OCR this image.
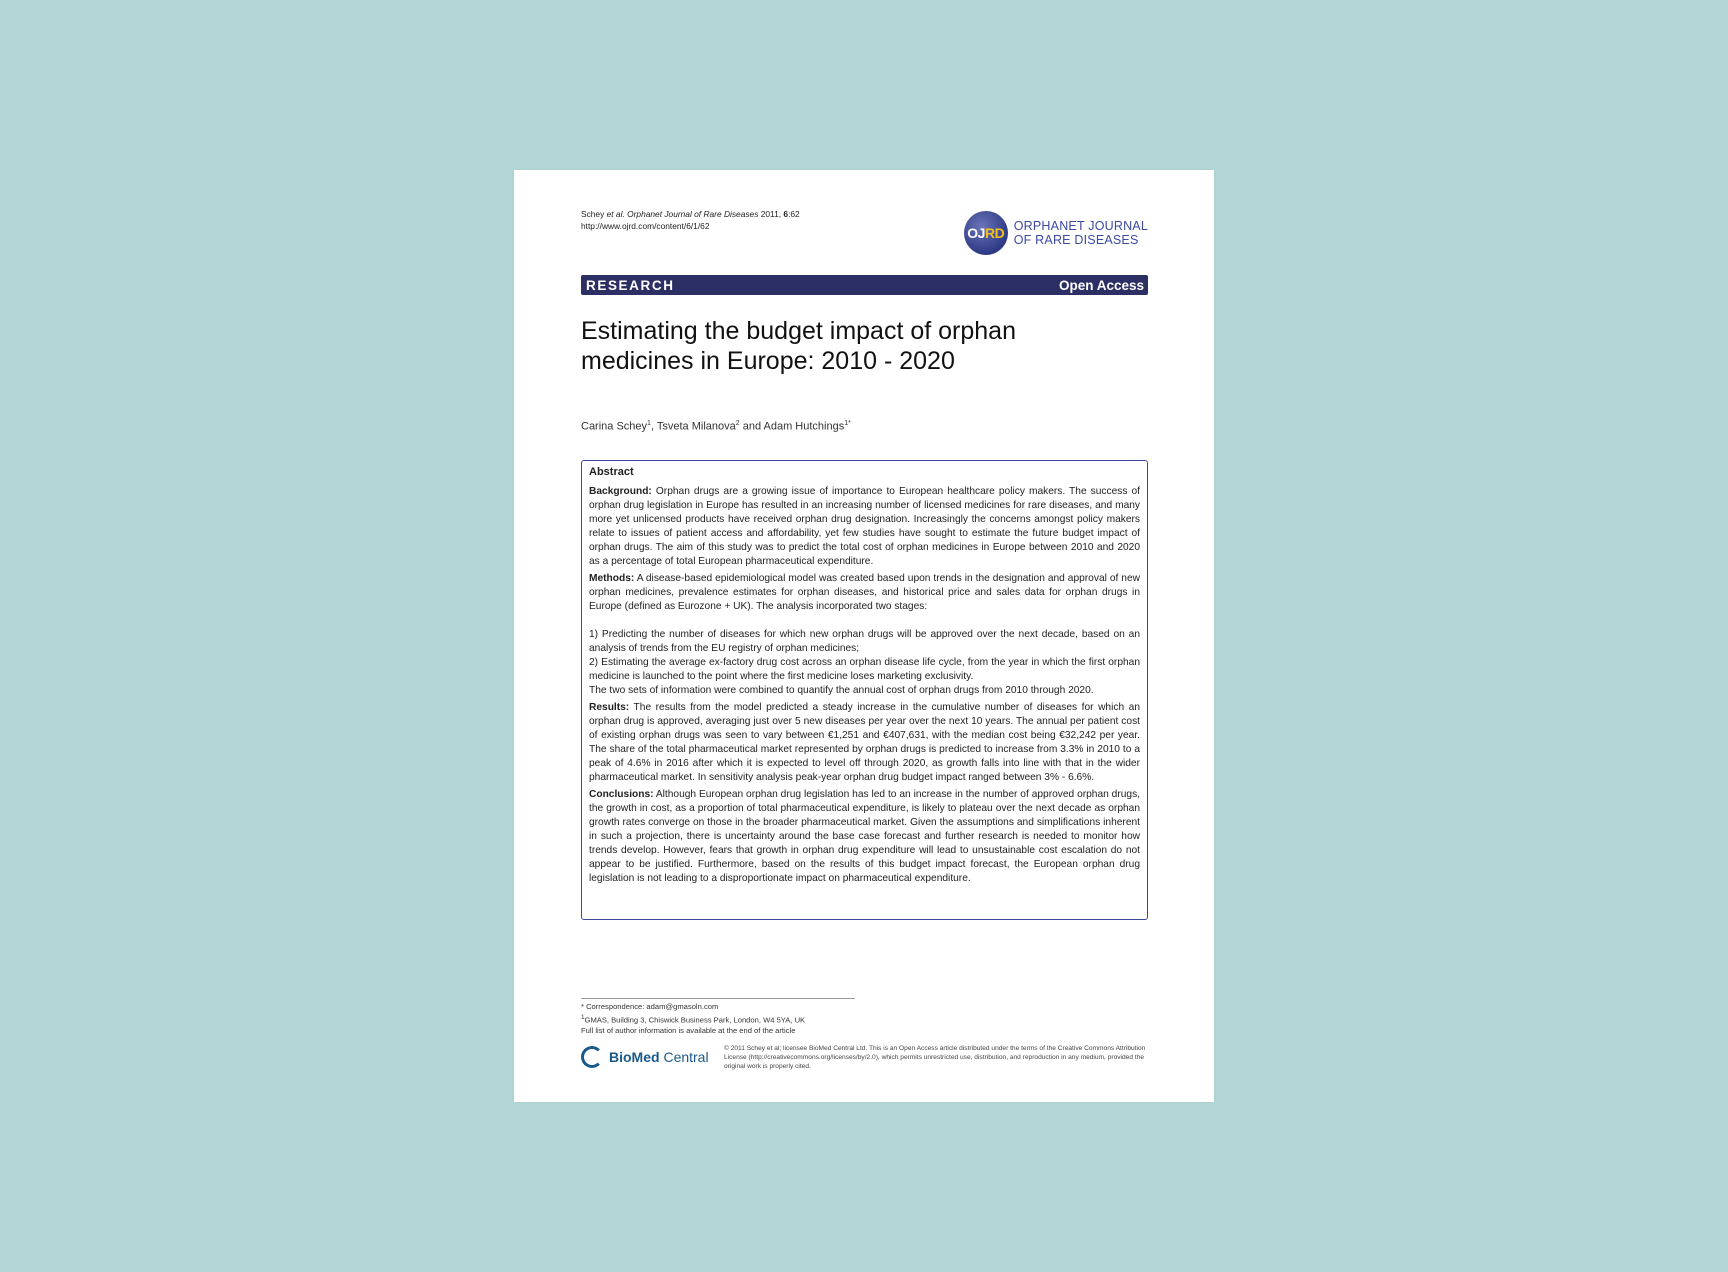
Schey et al. Orphanet Journal of Rare Diseases 2011, 6:62
http://www.ojrd.com/content/6/1/62	OJ RD ORPHANET JOURNAL
OF RARE DISEASES
RESEARCH	Open Access
Estimating the budget impact of orphan
medicines in Europe: 2010 - 2020
Carina Schey$^1$, Tsveta Milanova$^2$ and Adam Hutchings$^{1*}$
Abstract

Background: Orphan drugs are a growing issue of importance to European healthcare policy makers. The success of orphan drug legislation in Europe has resulted in an increasing number of licensed medicines for rare diseases, and many more yet unlicensed products have received orphan drug designation. Increasingly the concerns amongst policy makers relate to issues of patient access and affordability, yet few studies have sought to estimate the future budget impact of orphan drugs. The aim of this study was to predict the total cost of orphan medicines in Europe between 2010 and 2020 as a percentage of total European pharmaceutical expenditure.

Methods: A disease-based epidemiological model was created based upon trends in the designation and approval of new orphan medicines, prevalence estimates for orphan diseases, and historical price and sales data for orphan drugs in Europe (defined as Eurozone + UK). The analysis incorporated two stages:

1) Predicting the number of diseases for which new orphan drugs will be approved over the next decade, based on an analysis of trends from the EU registry of orphan medicines;
2) Estimating the average ex-factory drug cost across an orphan disease life cycle, from the year in which the first orphan medicine is launched to the point where the first medicine loses marketing exclusivity.

The two sets of information were combined to quantify the annual cost of orphan drugs from 2010 through 2020.

Results: The results from the model predicted a steady increase in the cumulative number of diseases for which an orphan drug is approved, averaging just over 5 new diseases per year over the next 10 years. The annual per patient cost of existing orphan drugs was seen to vary between €1,251 and €407,631, with the median cost being €32,242 per year. The share of the total pharmaceutical market represented by orphan drugs is predicted to increase from 3.3% in 2010 to a peak of 4.6% in 2016 after which it is expected to level off through 2020, as growth falls into line with that in the wider pharmaceutical market. In sensitivity analysis peak-year orphan drug budget impact ranged between 3% - 6.6%.

Conclusions: Although European orphan drug legislation has led to an increase in the number of approved orphan drugs, the growth in cost, as a proportion of total pharmaceutical expenditure, is likely to plateau over the next decade as orphan growth rates converge on those in the broader pharmaceutical market. Given the assumptions and simplifications inherent in such a projection, there is uncertainty around the base case forecast and further research is needed to monitor how trends develop. However, fears that growth in orphan drug expenditure will lead to unsustainable cost escalation do not appear to be justified. Furthermore, based on the results of this budget impact forecast, the European orphan drug legislation is not leading to a disproportionate impact on pharmaceutical expenditure.

* Correspondence: adam@gmasoln.com
$^1$GMAS, Building 3, Chiswick Business Park, London, W4 5YA, UK
Full list of author information is available at the end of the article
BioMed Central
© 2011 Schey et al; licensee BioMed Central Ltd. This is an Open Access article distributed under the terms of the Creative Commons Attribution License (http://creativecommons.org/licenses/by/2.0), which permits unrestricted use, distribution, and reproduction in any medium, provided the original work is properly cited.
